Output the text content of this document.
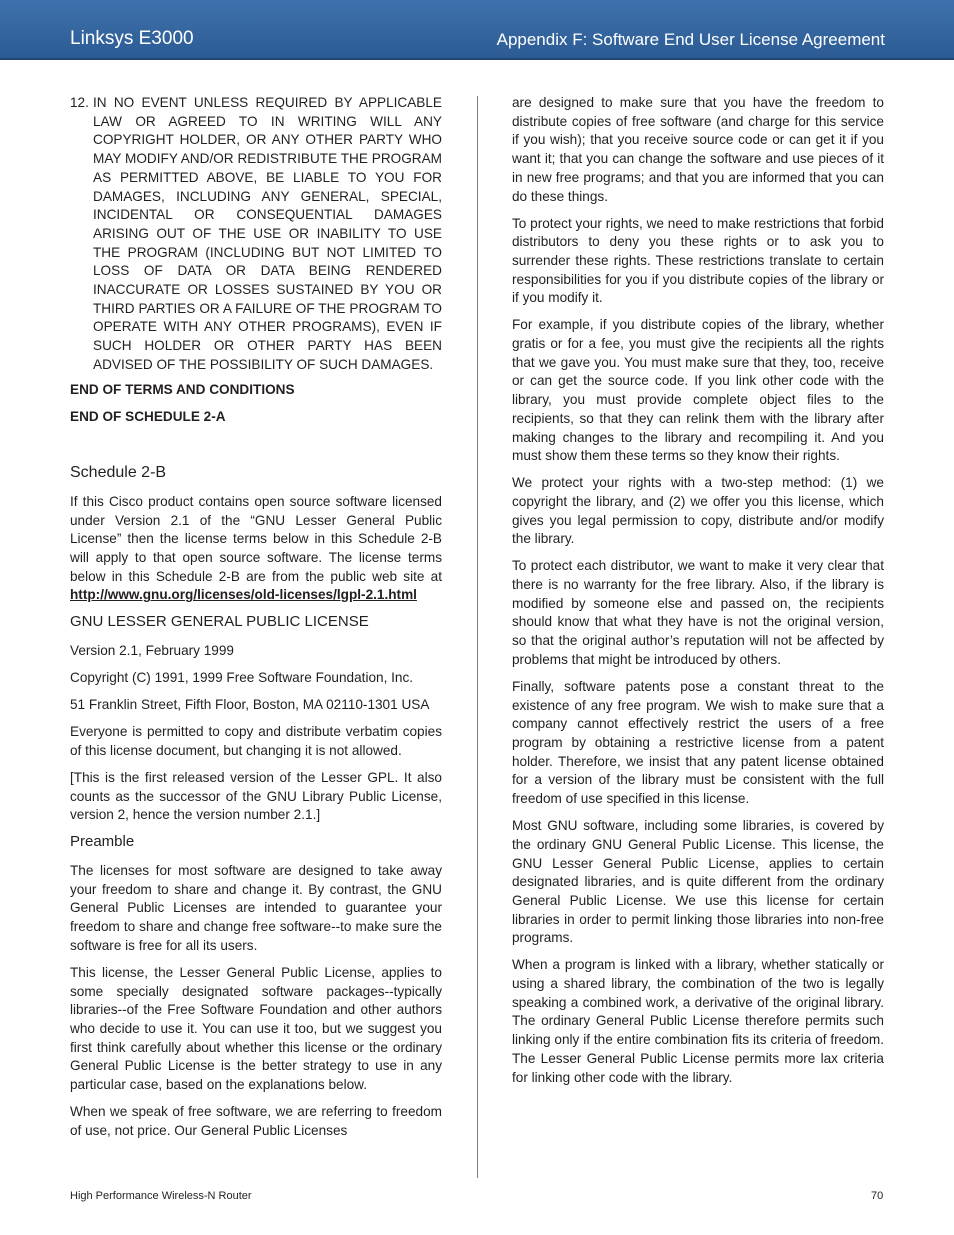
Linksys E3000	Appendix F: Software End User License Agreement

12. IN NO EVENT UNLESS REQUIRED BY APPLICABLE LAW OR AGREED TO IN WRITING WILL ANY COPYRIGHT HOLDER, OR ANY OTHER PARTY WHO MAY MODIFY AND/OR REDISTRIBUTE THE PROGRAM AS PERMITTED ABOVE, BE LIABLE TO YOU FOR DAMAGES, INCLUDING ANY GENERAL, SPECIAL, INCIDENTAL OR CONSEQUENTIAL DAMAGES ARISING OUT OF THE USE OR INABILITY TO USE THE PROGRAM (INCLUDING BUT NOT LIMITED TO LOSS OF DATA OR DATA BEING RENDERED INACCURATE OR LOSSES SUSTAINED BY YOU OR THIRD PARTIES OR A FAILURE OF THE PROGRAM TO OPERATE WITH ANY OTHER PROGRAMS), EVEN IF SUCH HOLDER OR OTHER PARTY HAS BEEN ADVISED OF THE POSSIBILITY OF SUCH DAMAGES.

END OF TERMS AND CONDITIONS

END OF SCHEDULE 2-A

Schedule 2-B

If this Cisco product contains open source software licensed under Version 2.1 of the “GNU Lesser General Public License” then the license terms below in this Schedule 2-B will apply to that open source software. The license terms below in this Schedule 2-B are from the public web site at http://www.gnu.org/licenses/old-licenses/lgpl-2.1.html

GNU LESSER GENERAL PUBLIC LICENSE

Version 2.1, February 1999

Copyright (C) 1991, 1999 Free Software Foundation, Inc.

51 Franklin Street, Fifth Floor, Boston, MA 02110-1301 USA

Everyone is permitted to copy and distribute verbatim copies of this license document, but changing it is not allowed.

[This is the first released version of the Lesser GPL. It also counts as the successor of the GNU Library Public License, version 2, hence the version number 2.1.]

Preamble

The licenses for most software are designed to take away your freedom to share and change it. By contrast, the GNU General Public Licenses are intended to guarantee your freedom to share and change free software--to make sure the software is free for all its users.

This license, the Lesser General Public License, applies to some specially designated software packages--typically libraries--of the Free Software Foundation and other authors who decide to use it. You can use it too, but we suggest you first think carefully about whether this license or the ordinary General Public License is the better strategy to use in any particular case, based on the explanations below.

When we speak of free software, we are referring to freedom of use, not price. Our General Public Licenses

are designed to make sure that you have the freedom to distribute copies of free software (and charge for this service if you wish); that you receive source code or can get it if you want it; that you can change the software and use pieces of it in new free programs; and that you are informed that you can do these things.

To protect your rights, we need to make restrictions that forbid distributors to deny you these rights or to ask you to surrender these rights. These restrictions translate to certain responsibilities for you if you distribute copies of the library or if you modify it.

For example, if you distribute copies of the library, whether gratis or for a fee, you must give the recipients all the rights that we gave you. You must make sure that they, too, receive or can get the source code. If you link other code with the library, you must provide complete object files to the recipients, so that they can relink them with the library after making changes to the library and recompiling it. And you must show them these terms so they know their rights.

We protect your rights with a two-step method: (1) we copyright the library, and (2) we offer you this license, which gives you legal permission to copy, distribute and/or modify the library.

To protect each distributor, we want to make it very clear that there is no warranty for the free library. Also, if the library is modified by someone else and passed on, the recipients should know that what they have is not the original version, so that the original author’s reputation will not be affected by problems that might be introduced by others.

Finally, software patents pose a constant threat to the existence of any free program. We wish to make sure that a company cannot effectively restrict the users of a free program by obtaining a restrictive license from a patent holder. Therefore, we insist that any patent license obtained for a version of the library must be consistent with the full freedom of use specified in this license.

Most GNU software, including some libraries, is covered by the ordinary GNU General Public License. This license, the GNU Lesser General Public License, applies to certain designated libraries, and is quite different from the ordinary General Public License. We use this license for certain libraries in order to permit linking those libraries into non-free programs.

When a program is linked with a library, whether statically or using a shared library, the combination of the two is legally speaking a combined work, a derivative of the original library. The ordinary General Public License therefore permits such linking only if the entire combination fits its criteria of freedom. The Lesser General Public License permits more lax criteria for linking other code with the library.

High Performance Wireless-N Router	70
